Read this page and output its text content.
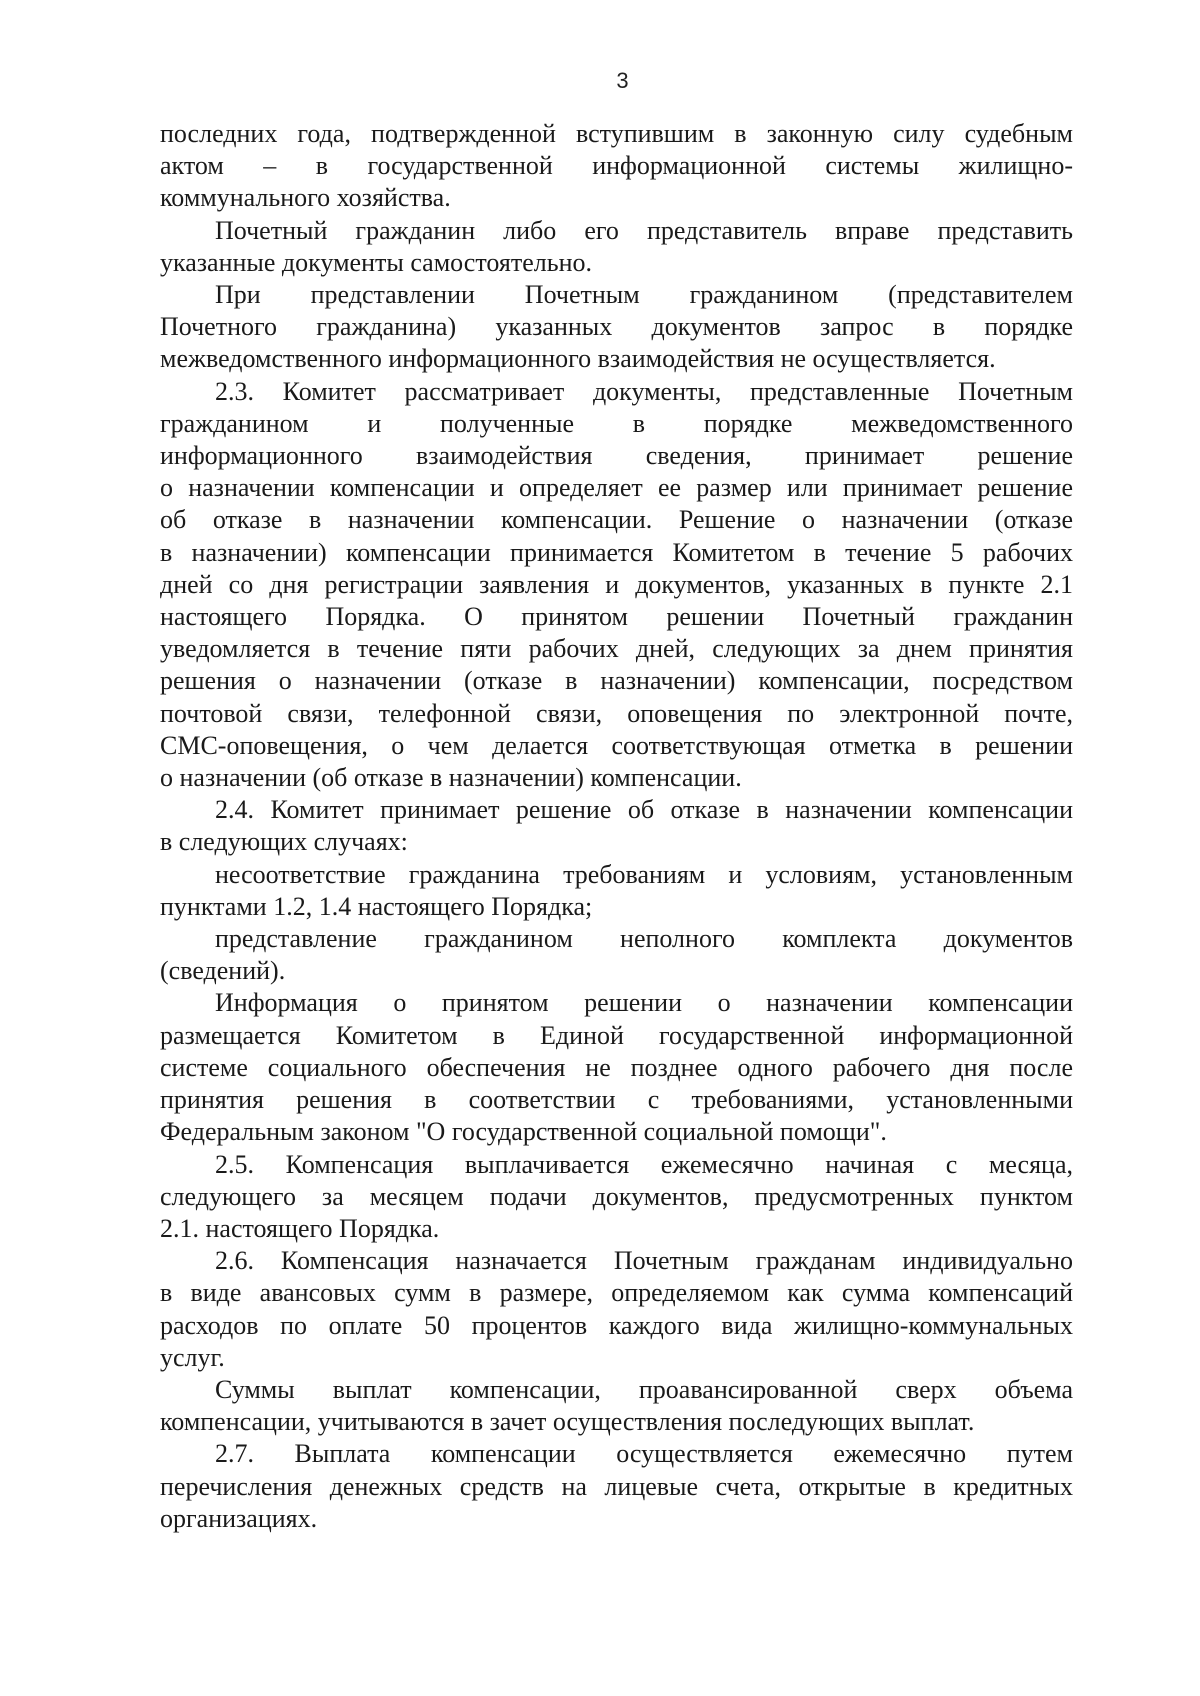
3
последних года, подтвержденной вступившим в законную силу судебным
актом – в государственной информационной системы жилищно-
коммунального хозяйства.
Почетный гражданин либо его представитель вправе представить
указанные документы самостоятельно.
При представлении Почетным гражданином (представителем
Почетного гражданина) указанных документов запрос в порядке
межведомственного информационного взаимодействия не осуществляется.
2.3. Комитет рассматривает документы, представленные Почетным
гражданином и полученные в порядке межведомственного
информационного взаимодействия сведения, принимает решение
о назначении компенсации и определяет ее размер или принимает решение
об отказе в назначении компенсации. Решение о назначении (отказе
в назначении) компенсации принимается Комитетом в течение 5 рабочих
дней со дня регистрации заявления и документов, указанных в пункте 2.1
настоящего Порядка. О принятом решении Почетный гражданин
уведомляется в течение пяти рабочих дней, следующих за днем принятия
решения о назначении (отказе в назначении) компенсации, посредством
почтовой связи, телефонной связи, оповещения по электронной почте,
СМС-оповещения, о чем делается соответствующая отметка в решении
о назначении (об отказе в назначении) компенсации.
2.4. Комитет принимает решение об отказе в назначении компенсации
в следующих случаях:
несоответствие гражданина требованиям и условиям, установленным
пунктами 1.2, 1.4 настоящего Порядка;
представление гражданином неполного комплекта документов
(сведений).
Информация о принятом решении о назначении компенсации
размещается Комитетом в Единой государственной информационной
системе социального обеспечения не позднее одного рабочего дня после
принятия решения в соответствии с требованиями, установленными
Федеральным законом "О государственной социальной помощи".
2.5. Компенсация выплачивается ежемесячно начиная с месяца,
следующего за месяцем подачи документов, предусмотренных пунктом
2.1. настоящего Порядка.
2.6. Компенсация назначается Почетным гражданам индивидуально
в виде авансовых сумм в размере, определяемом как сумма компенсаций
расходов по оплате 50 процентов каждого вида жилищно-коммунальных
услуг.
Суммы выплат компенсации, проавансированной сверх объема
компенсации, учитываются в зачет осуществления последующих выплат.
2.7. Выплата компенсации осуществляется ежемесячно путем
перечисления денежных средств на лицевые счета, открытые в кредитных
организациях.
